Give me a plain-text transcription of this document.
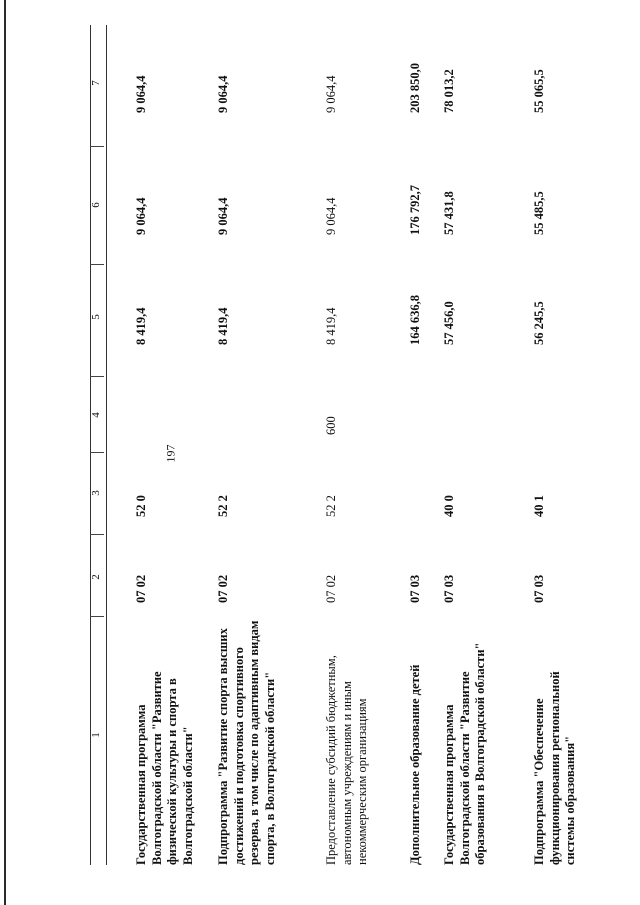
197
1
2
3
4
5
6
7
Государственная программа Волгоградской области "Развитие физической культуры и спорта в Волгоградской области"
07 02
52 0
8 419,4
9 064,4
9 064,4
Подпрограмма "Развитие спорта высших достижений и подготовка спортивного резерва, в том числе по адаптивным видам спорта, в Волгоградской области"
07 02
52 2
8 419,4
9 064,4
9 064,4
Предоставление субсидий бюджетным, автономным учреждениям и иным некоммерческим организациям
07 02
52 2
600
8 419,4
9 064,4
9 064,4
Дополнительное образование детей
07 03
164 636,8
176 792,7
203 850,0
Государственная программа Волгоградской области "Развитие образования в Волгоградской области"
07 03
40 0
57 456,0
57 431,8
78 013,2
Подпрограмма "Обеспечение функционирования региональной системы образования"
07 03
40 1
56 245,5
55 485,5
55 065,5
